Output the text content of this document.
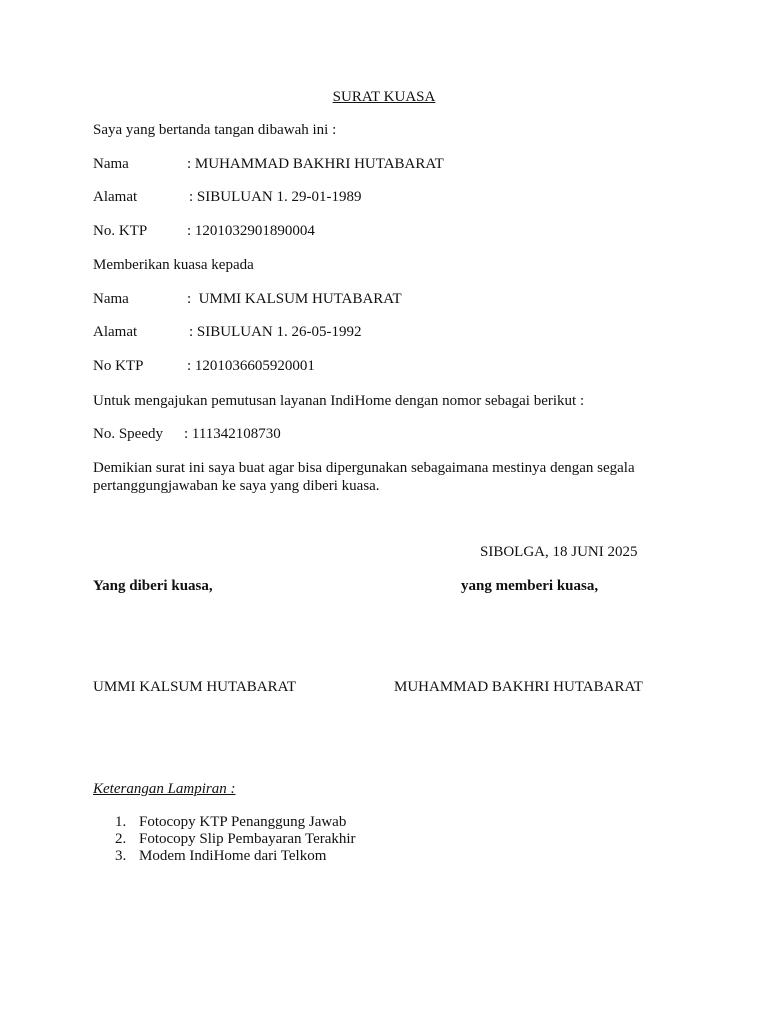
SURAT KUASA
Saya yang bertanda tangan dibawah ini :
Nama	: MUHAMMAD BAKHRI HUTABARAT
Alamat	: SIBULUAN 1. 29-01-1989
No. KTP	: 1201032901890004
Memberikan kuasa kepada
Nama	:  UMMI KALSUM HUTABARAT
Alamat	: SIBULUAN 1. 26-05-1992
No KTP	: 1201036605920001
Untuk mengajukan pemutusan layanan IndiHome dengan nomor sebagai berikut :
No. Speedy : 111342108730
Demikian surat ini saya buat agar bisa dipergunakan sebagaimana mestinya dengan segala pertanggungjawaban ke saya yang diberi kuasa.
SIBOLGA, 18 JUNI 2025
Yang diberi kuasa,	yang memberi kuasa,
UMMI KALSUM HUTABARAT	MUHAMMAD BAKHRI HUTABARAT
Keterangan Lampiran :
1. Fotocopy KTP Penanggung Jawab
2. Fotocopy Slip Pembayaran Terakhir
3. Modem IndiHome dari Telkom
